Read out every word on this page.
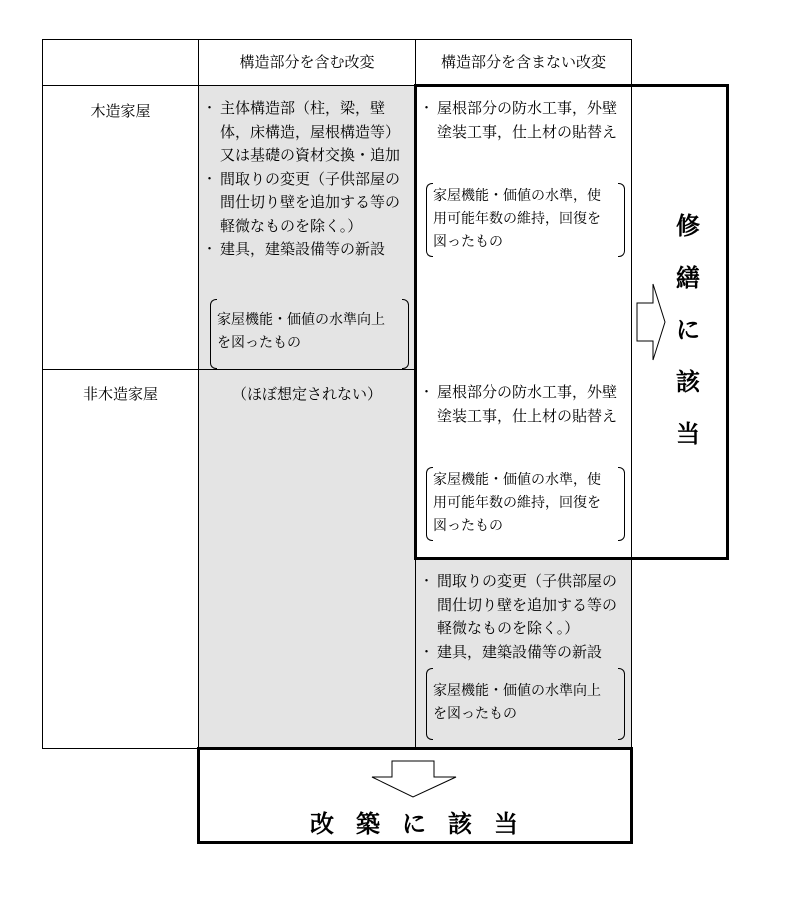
構造部分を含む改変	構造部分を含まない改変
木造家屋
非木造家屋
・ 主体構造部（柱，梁，壁体，床構造，屋根構造等）又は基礎の資材交換・追加
・ 間取りの変更（子供部屋の間仕切り壁を追加する等の軽微なものを除く。）
・ 建具，建築設備等の新設
家屋機能・価値の水準向上を図ったもの
・ 屋根部分の防水工事，外壁塗装工事，仕上材の貼替え
家屋機能・価値の水準，使用可能年数の維持，回復を図ったもの
（ほぼ想定されない）
・	屋根部分の防水工事，外壁塗装工事，仕上材の貼替え
家屋機能・価値の水準，使用可能年数の維持，回復を図ったもの
・ 間取りの変更（子供部屋の間仕切り壁を追加する等の軽微なものを除く。）
・ 建具，建築設備等の新設
家屋機能・価値の水準向上を図ったもの
修
繕
に
該
当
改築に該当
